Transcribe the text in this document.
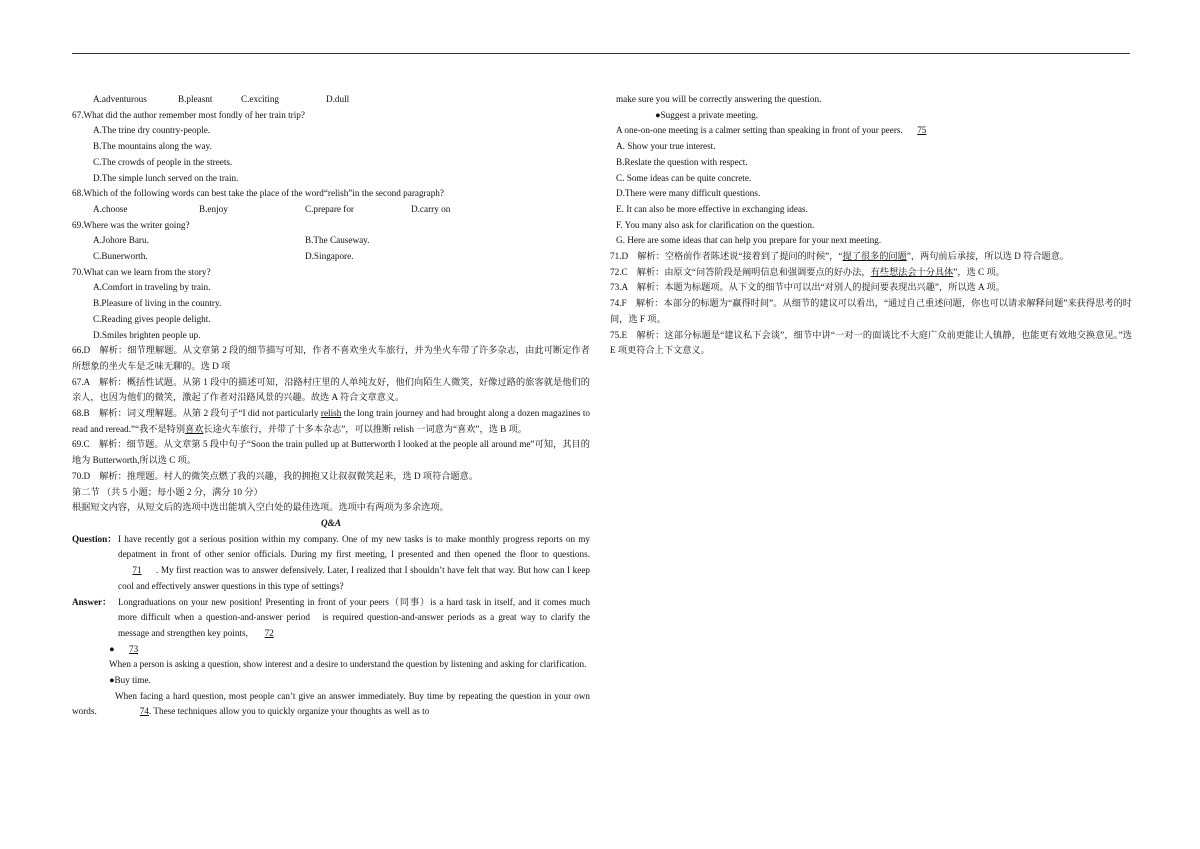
A.adventurous	B.pleasnt	C.exciting	D.dull
67.What did the author remember most fondly of her train trip?
A.The trine dry country-people.
B.The mountains along the way.
C.The crowds of people in the streets.
D.The simple lunch served on the train.
68.Which of the following words can best take the place of the word“relish”in the second paragraph?
A.choose	B.enjoy	C.prepare for	D.carry on
69.Where was the writer going?
A.Johore Baru.	B.The Causeway.
C.Bunerworth.	D.Singapore.
70.What can we learn from the story?
A.Comfort in traveling by train.
B.Pleasure of living in the country.
C.Reading gives people delight.
D.Smiles brighten people up.
66.D　解析：细节理解题。从文章第 2 段的细节描写可知，作者不喜欢坐火车旅行，并为坐火车带了许多杂志，由此可断定作者所想象的坐火车是乏味无聊的。选 D 项
67.A　解析：概括性试题。从第 1 段中的描述可知，沿路村庄里的人单纯友好，他们向陌生人微笑，好像过路的旅客就是他们的亲人，也因为他们的微笑，激起了作者对沿路风景的兴趣。故选 A 符合文章意义。
68.B　解析：词义理解题。从第 2 段句子“I did not particularly relish the long train journey and had brought along a dozen magazines to read and reread.”“我不是特别喜欢长途火车旅行，并带了十多本杂志”，可以推断 relish 一词意为“喜欢”，选 B 项。
69.C　解析：细节题。从文章第 5 段中句子“Soon the train pulled up at Butterworth I looked at the people all around me”可知，其目的地为 Butterworth,所以选 C 项。
70.D　解析：推理题。村人的微笑点燃了我的兴趣，我的拥抱又让叔叔微笑起来，选 D 项符合题意。
第二节 （共 5 小题；每小题 2 分，满分 10 分）
根据短文内容，从短文后的选项中选出能填入空白处的最佳选项。选项中有两项为多余选项。
Q&A
Question： I have recently got a serious position within my company. One of my new tasks is to make monthly progress reports on my depatment in front of other senior officials. During my first meeting, I presented and then opened the floor to questions.71 . My first reaction was to answer defensively. Later, I realized that I shouldn’t have felt that way. But how can I keep cool and effectively answer questions in this type of settings?
Answer： Longraduations on your new position! Presenting in front of your peers（同事）is a hard task in itself, and it comes much more difficult when a question-and-answer period　is required question-and-answer periods as a great way to clarify the message and strengthen key points, 72
● 73
When a person is asking a question, show interest and a desire to understand the question by listening and asking for clarification.
●Buy time.
When facing a hard question, most people can’t give an answer immediately. Buy time by repeating the question in your own words.	74. These techniques allow you to quickly organize your thoughts as well as to
make sure you will be correctly answering the question.
●Suggest a private meeting.
A one-on-one meeting is a calmer setting than speaking in front of your peers. 75
A. Show your true interest.
B.Reslate the question with respect.
C. Some ideas can be quite concrete.
D.There were many difficult questions.
E. It can also be more effective in exchanging ideas.
F. You many also ask for clarification on the question.
G. Here are some ideas that can help you prepare for your next meeting.
71.D　解析：空格前作者陈述说“接着到了提问的时候”，“提了很多的问题”，两句前后承接，所以选 D 符合题意。
72.C　解析：由原文“问答阶段是阐明信息和强调要点的好办法，有些想法会十分具体”，选 C 项。
73.A　解析：本题为标题项。从下文的细节中可以出“对别人的提问要表现出兴趣”，所以选 A 项。
74.F　解析：本部分的标题为“赢得时间”。从细节的建议可以看出，“通过自己重述问题，你也可以请求解释问题”来获得思考的时间，选 F 项。
75.E　解析：这部分标题是“建议私下会谈”，细节中讲“一对一的面谈比不大庭广众前更能让人镇静，也能更有效地交换意见。”选 E 项更符合上下文意义。
